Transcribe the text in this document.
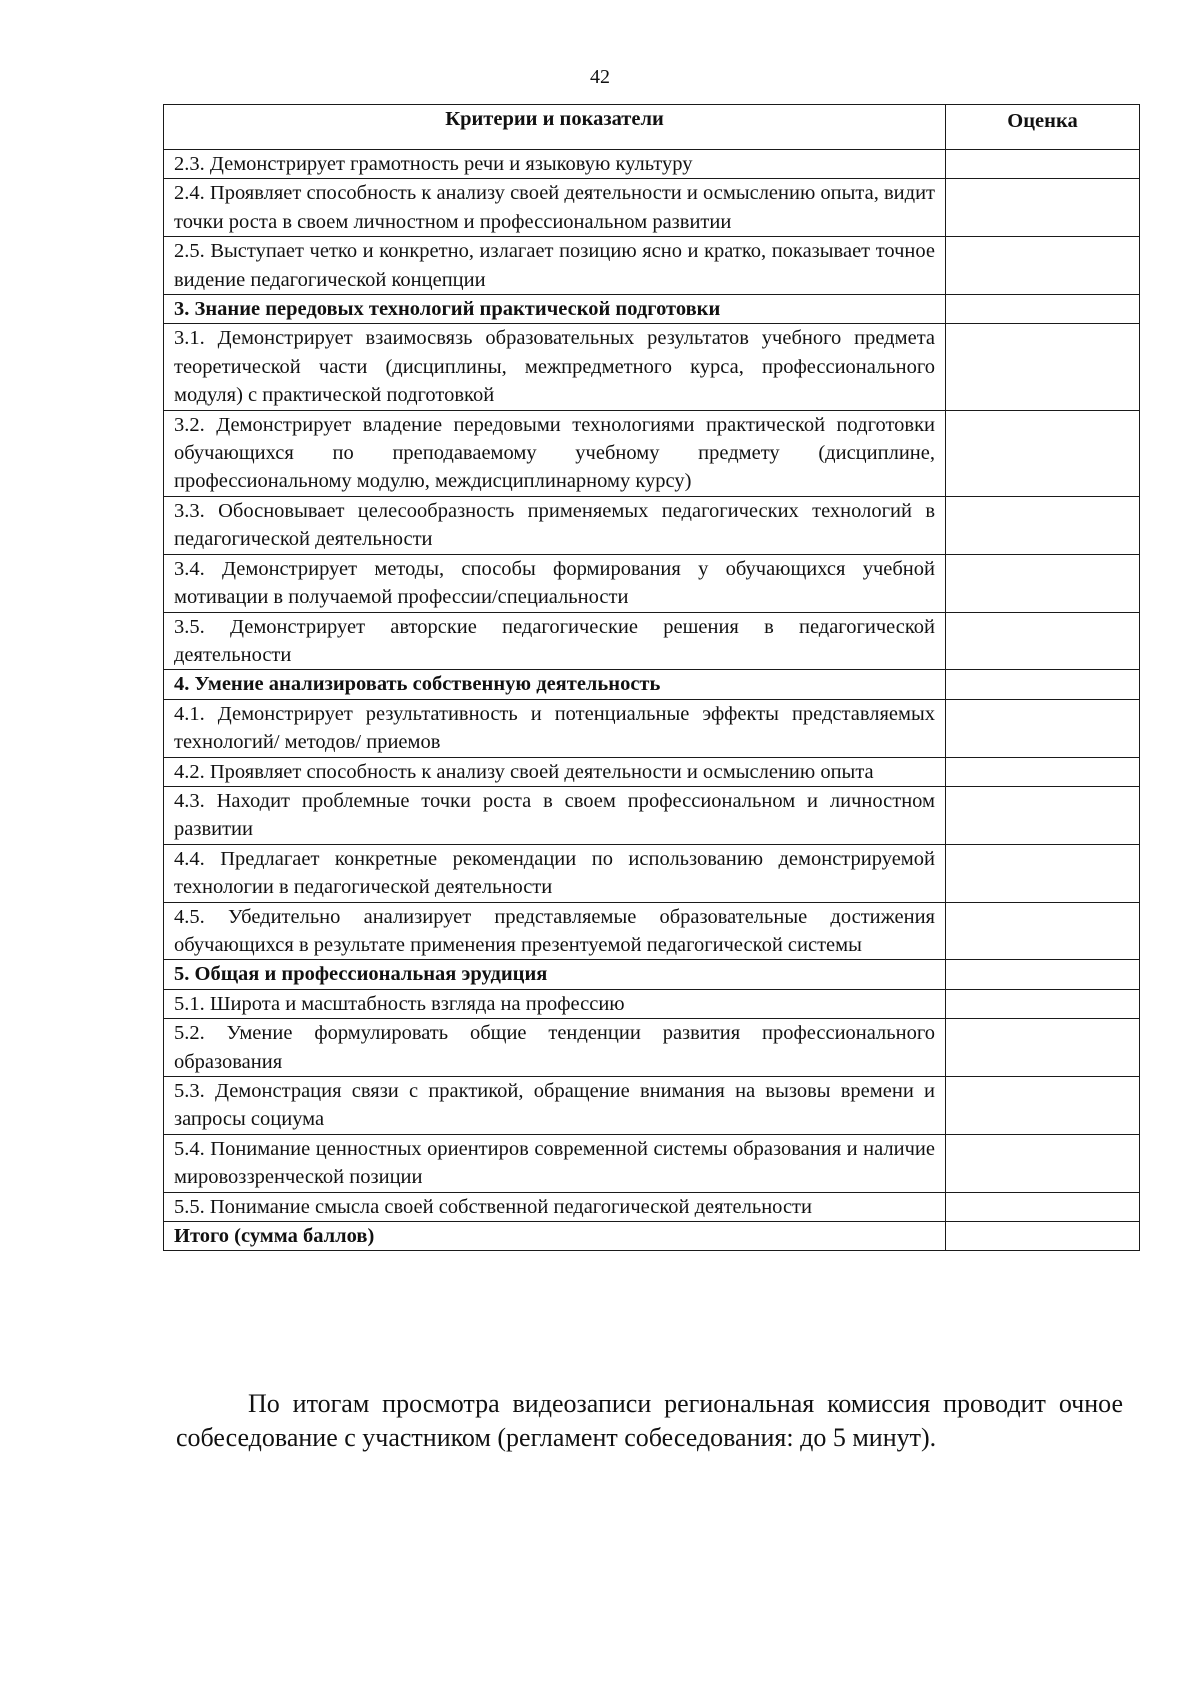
42
Критерии и показатели	Оценка
2.3. Демонстрирует грамотность речи и языковую культуру	
2.4. Проявляет способность к анализу своей деятельности и осмыслению опыта, видит точки роста в своем личностном и профессиональном развитии	
2.5. Выступает четко и конкретно, излагает позицию ясно и кратко, показывает точное видение педагогической концепции	
3. Знание передовых технологий практической подготовки	
3.1. Демонстрирует взаимосвязь образовательных результатов учебного предмета теоретической части (дисциплины, межпредметного курса, профессионального модуля) с практической подготовкой	
3.2. Демонстрирует владение передовыми технологиями практической подготовки обучающихся по преподаваемому учебному предмету (дисциплине, профессиональному модулю, междисциплинарному курсу)	
3.3. Обосновывает целесообразность применяемых педагогических технологий в педагогической деятельности	
3.4. Демонстрирует методы, способы формирования у обучающихся учебной мотивации в получаемой профессии/специальности	
3.5. Демонстрирует авторские педагогические решения в педагогической деятельности	
4. Умение анализировать собственную деятельность	
4.1. Демонстрирует результативность и потенциальные эффекты представляемых технологий/ методов/ приемов	
4.2. Проявляет способность к анализу своей деятельности и осмыслению опыта	
4.3. Находит проблемные точки роста в своем профессиональном и личностном развитии	
4.4. Предлагает конкретные рекомендации по использованию демонстрируемой технологии в педагогической деятельности	
4.5. Убедительно анализирует представляемые образовательные достижения обучающихся в результате применения презентуемой педагогической системы	
5. Общая и профессиональная эрудиция	
5.1. Широта и масштабность взгляда на профессию	
5.2. Умение формулировать общие тенденции развития профессионального образования	
5.3. Демонстрация связи с практикой, обращение внимания на вызовы времени и запросы социума	
5.4. Понимание ценностных ориентиров современной системы образования и наличие мировоззренческой позиции	
5.5. Понимание смысла своей собственной педагогической деятельности	
Итого (сумма баллов)	

По итогам просмотра видеозаписи региональная комиссия проводит очное собеседование с участником (регламент собеседования: до 5 минут).
